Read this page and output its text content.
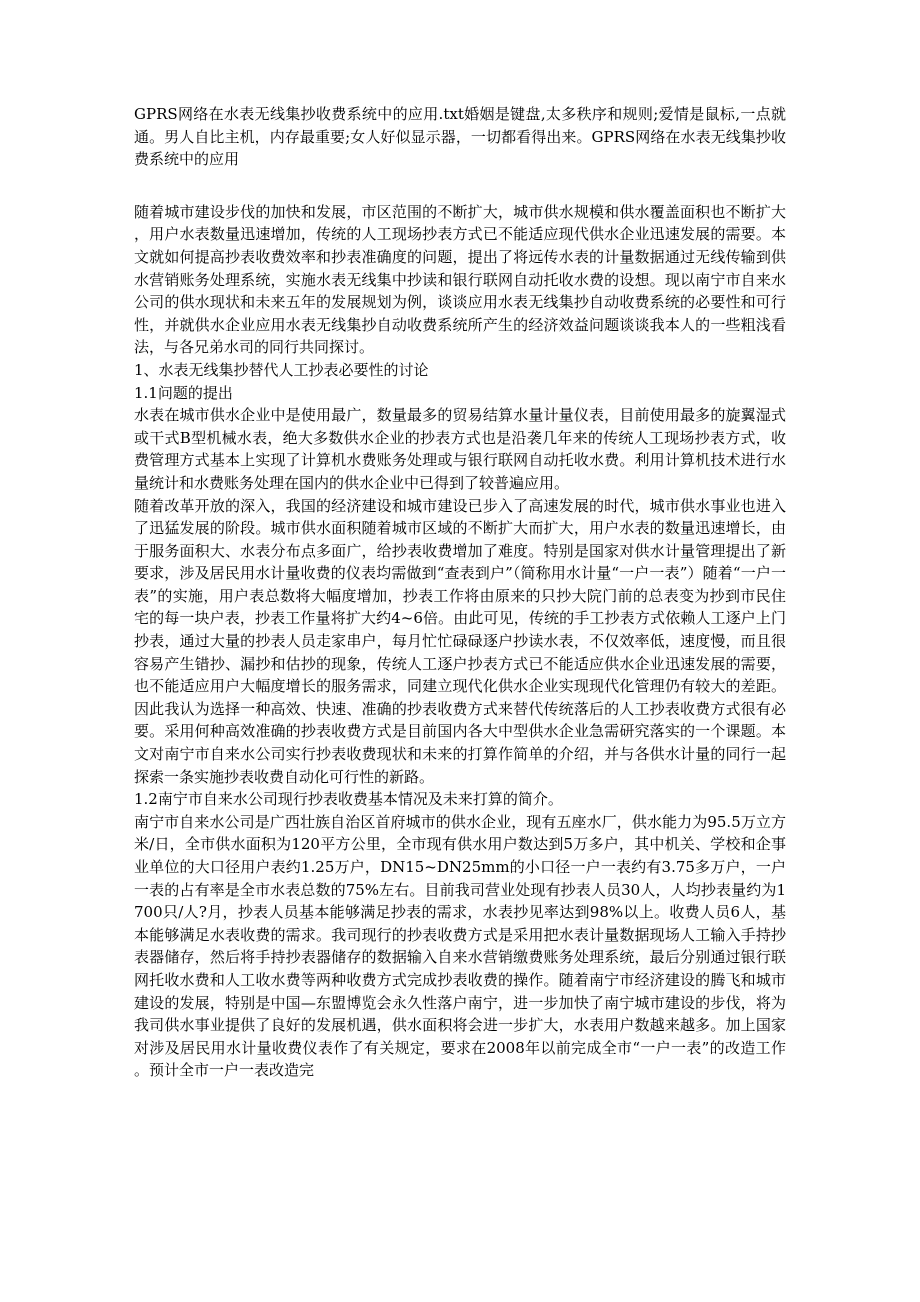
GPRS网络在水表无线集抄收费系统中的应用.txt婚姻是键盘,太多秩序和规则;爱情是鼠标,一点就通。男人自比主机，内存最重要;女人好似显示器，一切都看得出来。GPRS网络在水表无线集抄收费系统中的应用

随着城市建设步伐的加快和发展，市区范围的不断扩大，城市供水规模和供水覆盖面积也不断扩大，用户水表数量迅速增加，传统的人工现场抄表方式已不能适应现代供水企业迅速发展的需要。本文就如何提高抄表收费效率和抄表准确度的问题，提出了将远传水表的计量数据通过无线传输到供水营销账务处理系统，实施水表无线集中抄读和银行联网自动托收水费的设想。现以南宁市自来水公司的供水现状和未来五年的发展规划为例，谈谈应用水表无线集抄自动收费系统的必要性和可行性，并就供水企业应用水表无线集抄自动收费系统所产生的经济效益问题谈谈我本人的一些粗浅看法，与各兄弟水司的同行共同探讨。

1、水表无线集抄替代人工抄表必要性的讨论

1.1问题的提出

水表在城市供水企业中是使用最广，数量最多的贸易结算水量计量仪表，目前使用最多的旋翼湿式或干式B型机械水表，绝大多数供水企业的抄表方式也是沿袭几年来的传统人工现场抄表方式，收费管理方式基本上实现了计算机水费账务处理或与银行联网自动托收水费。利用计算机技术进行水量统计和水费账务处理在国内的供水企业中已得到了较普遍应用。

随着改革开放的深入，我国的经济建设和城市建设已步入了高速发展的时代，城市供水事业也进入了迅猛发展的阶段。城市供水面积随着城市区域的不断扩大而扩大，用户水表的数量迅速增长，由于服务面积大、水表分布点多面广，给抄表收费增加了难度。特别是国家对供水计量管理提出了新要求，涉及居民用水计量收费的仪表均需做到“查表到户”（简称用水计量“一户一表”）随着“一户一表”的实施，用户表总数将大幅度增加，抄表工作将由原来的只抄大院门前的总表变为抄到市民住宅的每一块户表，抄表工作量将扩大约4~6倍。由此可见，传统的手工抄表方式依赖人工逐户上门抄表，通过大量的抄表人员走家串户，每月忙忙碌碌逐户抄读水表，不仅效率低，速度慢，而且很容易产生错抄、漏抄和估抄的现象，传统人工逐户抄表方式已不能适应供水企业迅速发展的需要，也不能适应用户大幅度增长的服务需求，同建立现代化供水企业实现现代化管理仍有较大的差距。因此我认为选择一种高效、快速、准确的抄表收费方式来替代传统落后的人工抄表收费方式很有必要。采用何种高效准确的抄表收费方式是目前国内各大中型供水企业急需研究落实的一个课题。本文对南宁市自来水公司实行抄表收费现状和未来的打算作简单的介绍，并与各供水计量的同行一起探索一条实施抄表收费自动化可行性的新路。

1.2南宁市自来水公司现行抄表收费基本情况及未来打算的简介。

南宁市自来水公司是广西壮族自治区首府城市的供水企业，现有五座水厂，供水能力为95.5万立方米/日，全市供水面积为120平方公里，全市现有供水用户数达到5万多户，其中机关、学校和企事业单位的大口径用户表约1.25万户，DN15~DN25mm的小口径一户一表约有3.75多万户，一户一表的占有率是全市水表总数的75%左右。目前我司营业处现有抄表人员30人，人均抄表量约为1700只/人?月，抄表人员基本能够满足抄表的需求，水表抄见率达到98%以上。收费人员6人，基本能够满足水表收费的需求。我司现行的抄表收费方式是采用把水表计量数据现场人工输入手持抄表器储存，然后将手持抄表器储存的数据输入自来水营销缴费账务处理系统，最后分别通过银行联网托收水费和人工收水费等两种收费方式完成抄表收费的操作。随着南宁市经济建设的腾飞和城市建设的发展，特别是中国—东盟博览会永久性落户南宁，进一步加快了南宁城市建设的步伐，将为我司供水事业提供了良好的发展机遇，供水面积将会进一步扩大，水表用户数越来越多。加上国家对涉及居民用水计量收费仪表作了有关规定，要求在2008年以前完成全市“一户一表”的改造工作。预计全市一户一表改造完
